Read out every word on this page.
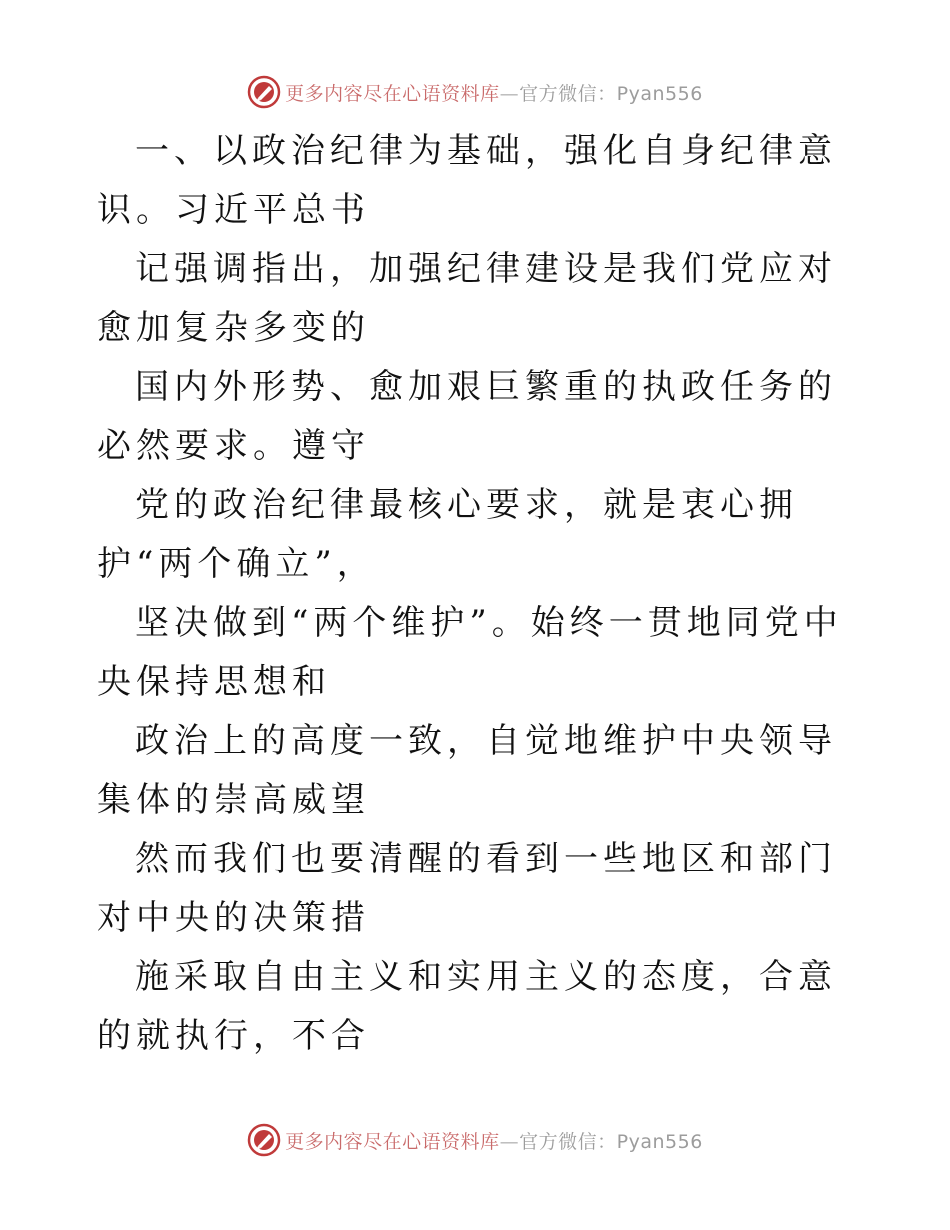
更多内容尽在心语资料库—官方微信：Pyan556

一、以政治纪律为基础，强化自身纪律意识。习近平总书

记强调指出，加强纪律建设是我们党应对愈加复杂多变的

国内外形势、愈加艰巨繁重的执政任务的必然要求。遵守

党的政治纪律最核心要求，就是衷心拥护“两个确立”，

坚决做到“两个维护”。始终一贯地同党中央保持思想和

政治上的高度一致，自觉地维护中央领导集体的崇高威望

然而我们也要清醒的看到一些地区和部门对中央的决策措

施采取自由主义和实用主义的态度，合意的就执行，不合

更多内容尽在心语资料库—官方微信：Pyan556
